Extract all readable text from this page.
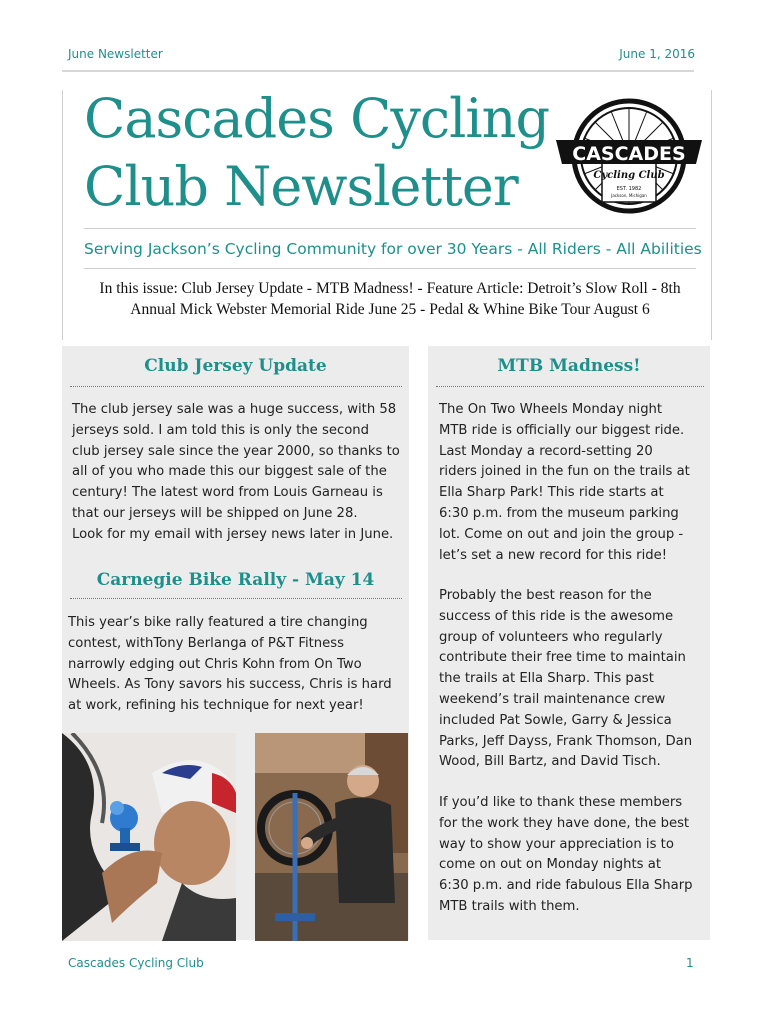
June Newsletter	June 1, 2016
Cascades Cycling
Club Newsletter
CASCADES
Cycling Club
EST. 1982
Jackson, Michigan
Serving Jackson’s Cycling Community for over 30 Years - All Riders - All Abilities
In this issue: Club Jersey Update - MTB Madness! - Feature Article: Detroit’s Slow Roll - 8th
Annual Mick Webster Memorial Ride June 25 - Pedal & Whine Bike Tour August 6
Club Jersey Update
The club jersey sale was a huge success, with 58
jerseys sold. I am told this is only the second
club jersey sale since the year 2000, so thanks to
all of you who made this our biggest sale of the
century! The latest word from Louis Garneau is
that our jerseys will be shipped on June 28.
Look for my email with jersey news later in June.
Carnegie Bike Rally - May 14
This year’s bike rally featured a tire changing
contest, withTony Berlanga of P&T Fitness
narrowly edging out Chris Kohn from On Two
Wheels. As Tony savors his success, Chris is hard
at work, refining his technique for next year!
MTB Madness!
The On Two Wheels Monday night
MTB ride is officially our biggest ride.
Last Monday a record-setting 20
riders joined in the fun on the trails at
Ella Sharp Park! This ride starts at
6:30 p.m. from the museum parking
lot. Come on out and join the group -
let’s set a new record for this ride!
Probably the best reason for the
success of this ride is the awesome
group of volunteers who regularly
contribute their free time to maintain
the trails at Ella Sharp. This past
weekend’s trail maintenance crew
included Pat Sowle, Garry & Jessica
Parks, Jeff Dayss, Frank Thomson, Dan
Wood, Bill Bartz, and David Tisch.
If you’d like to thank these members
for the work they have done, the best
way to show your appreciation is to
come on out on Monday nights at
6:30 p.m. and ride fabulous Ella Sharp
MTB trails with them.
Cascades Cycling Club	1
